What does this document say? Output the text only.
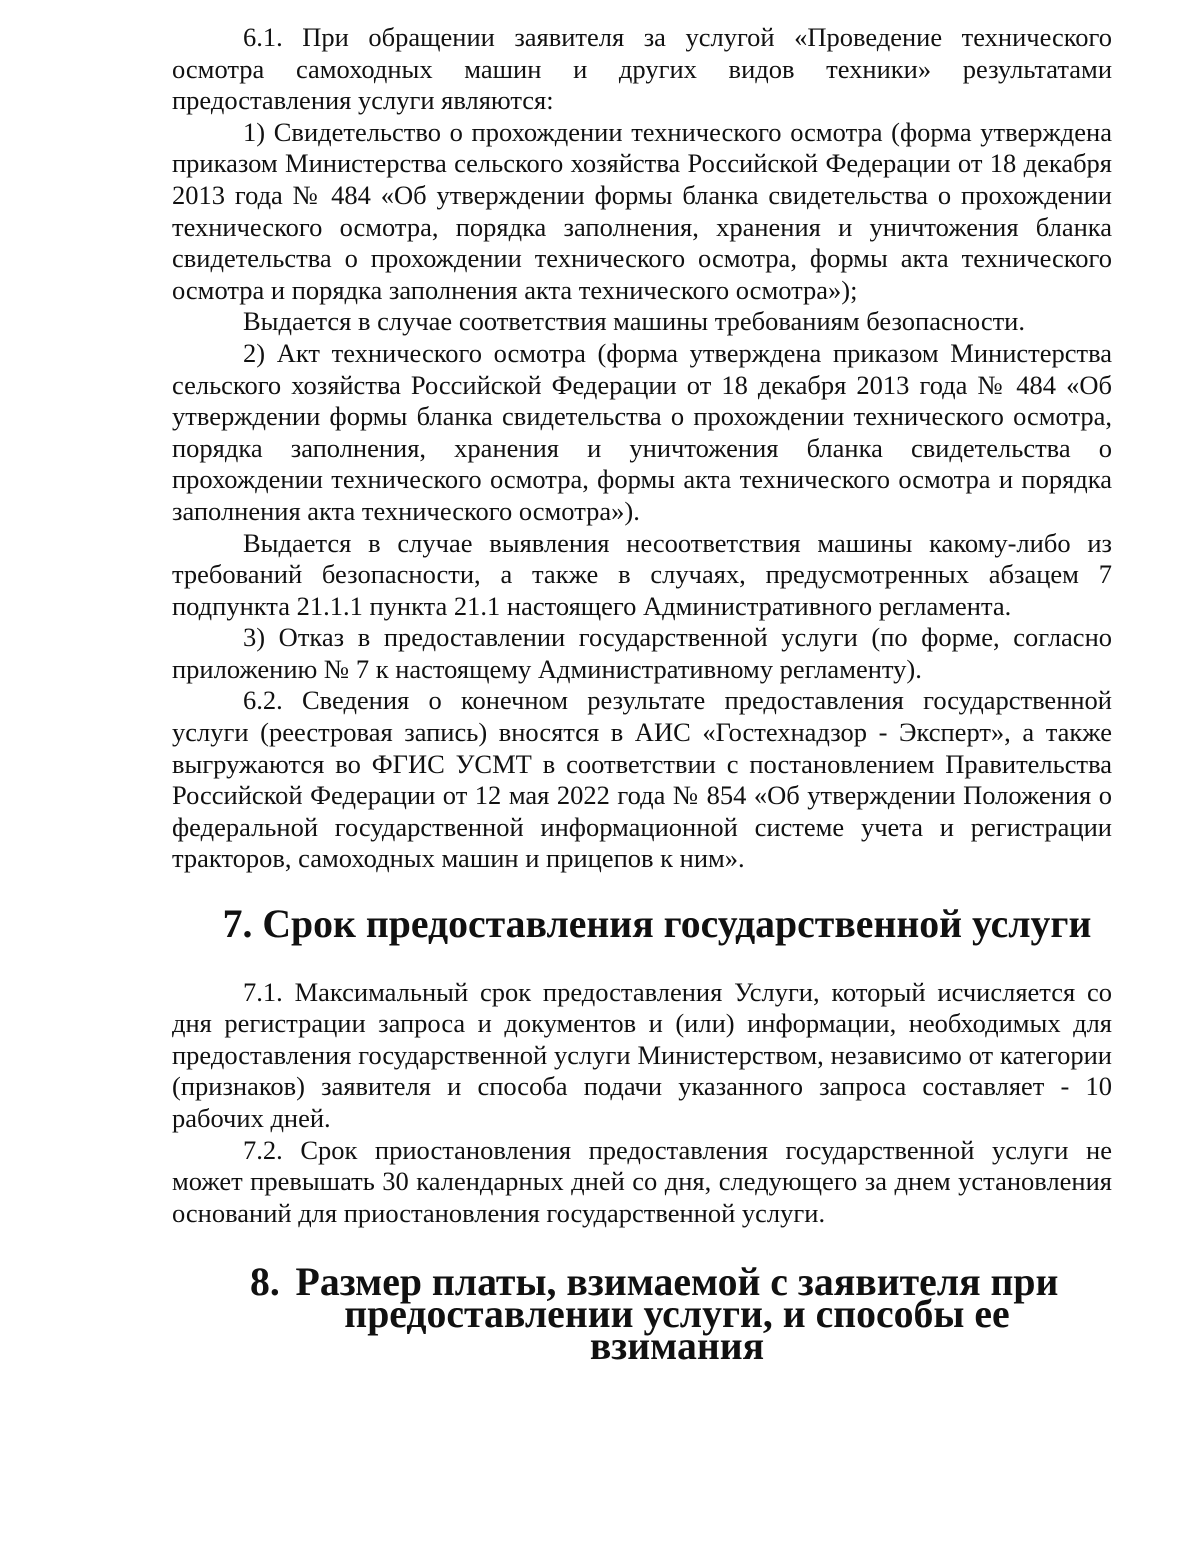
6.1. При обращении заявителя за услугой «Проведение технического осмотра самоходных машин и других видов техники» результатами предоставления услуги являются:

1) Свидетельство о прохождении технического осмотра (форма утверждена приказом Министерства сельского хозяйства Российской Федерации от 18 декабря 2013 года № 484 «Об утверждении формы бланка свидетельства о прохождении технического осмотра, порядка заполнения, хранения и уничтожения бланка свидетельства о прохождении технического осмотра, формы акта технического осмотра и порядка заполнения акта технического осмотра»);

Выдается в случае соответствия машины требованиям безопасности.

2) Акт технического осмотра (форма утверждена приказом Министерства сельского хозяйства Российской Федерации от 18 декабря 2013 года № 484 «Об утверждении формы бланка свидетельства о прохождении технического осмотра, порядка заполнения, хранения и уничтожения бланка свидетельства о прохождении технического осмотра, формы акта технического осмотра и порядка заполнения акта технического осмотра»).

Выдается в случае выявления несоответствия машины какому-либо из требований безопасности, а также в случаях, предусмотренных абзацем 7 подпункта 21.1.1 пункта 21.1 настоящего Административного регламента.

3) Отказ в предоставлении государственной услуги (по форме, согласно приложению № 7 к настоящему Административному регламенту).

6.2. Сведения о конечном результате предоставления государственной услуги (реестровая запись) вносятся в АИС «Гостехнадзор - Эксперт», а также выгружаются во ФГИС УСМТ в соответствии с постановлением Правительства Российской Федерации от 12 мая 2022 года № 854 «Об утверждении Положения о федеральной государственной информационной системе учета и регистрации тракторов, самоходных машин и прицепов к ним».

7. Срок предоставления государственной услуги

7.1. Максимальный срок предоставления Услуги, который исчисляется со дня регистрации запроса и документов и (или) информации, необходимых для предоставления государственной услуги Министерством, независимо от категории (признаков) заявителя и способа подачи указанного запроса составляет - 10 рабочих дней.

7.2. Срок приостановления предоставления государственной услуги не может превышать 30 календарных дней со дня, следующего за днем установления оснований для приостановления государственной услуги.

8. Размер платы, взимаемой с заявителя при предоставлении услуги, и способы ее взимания
